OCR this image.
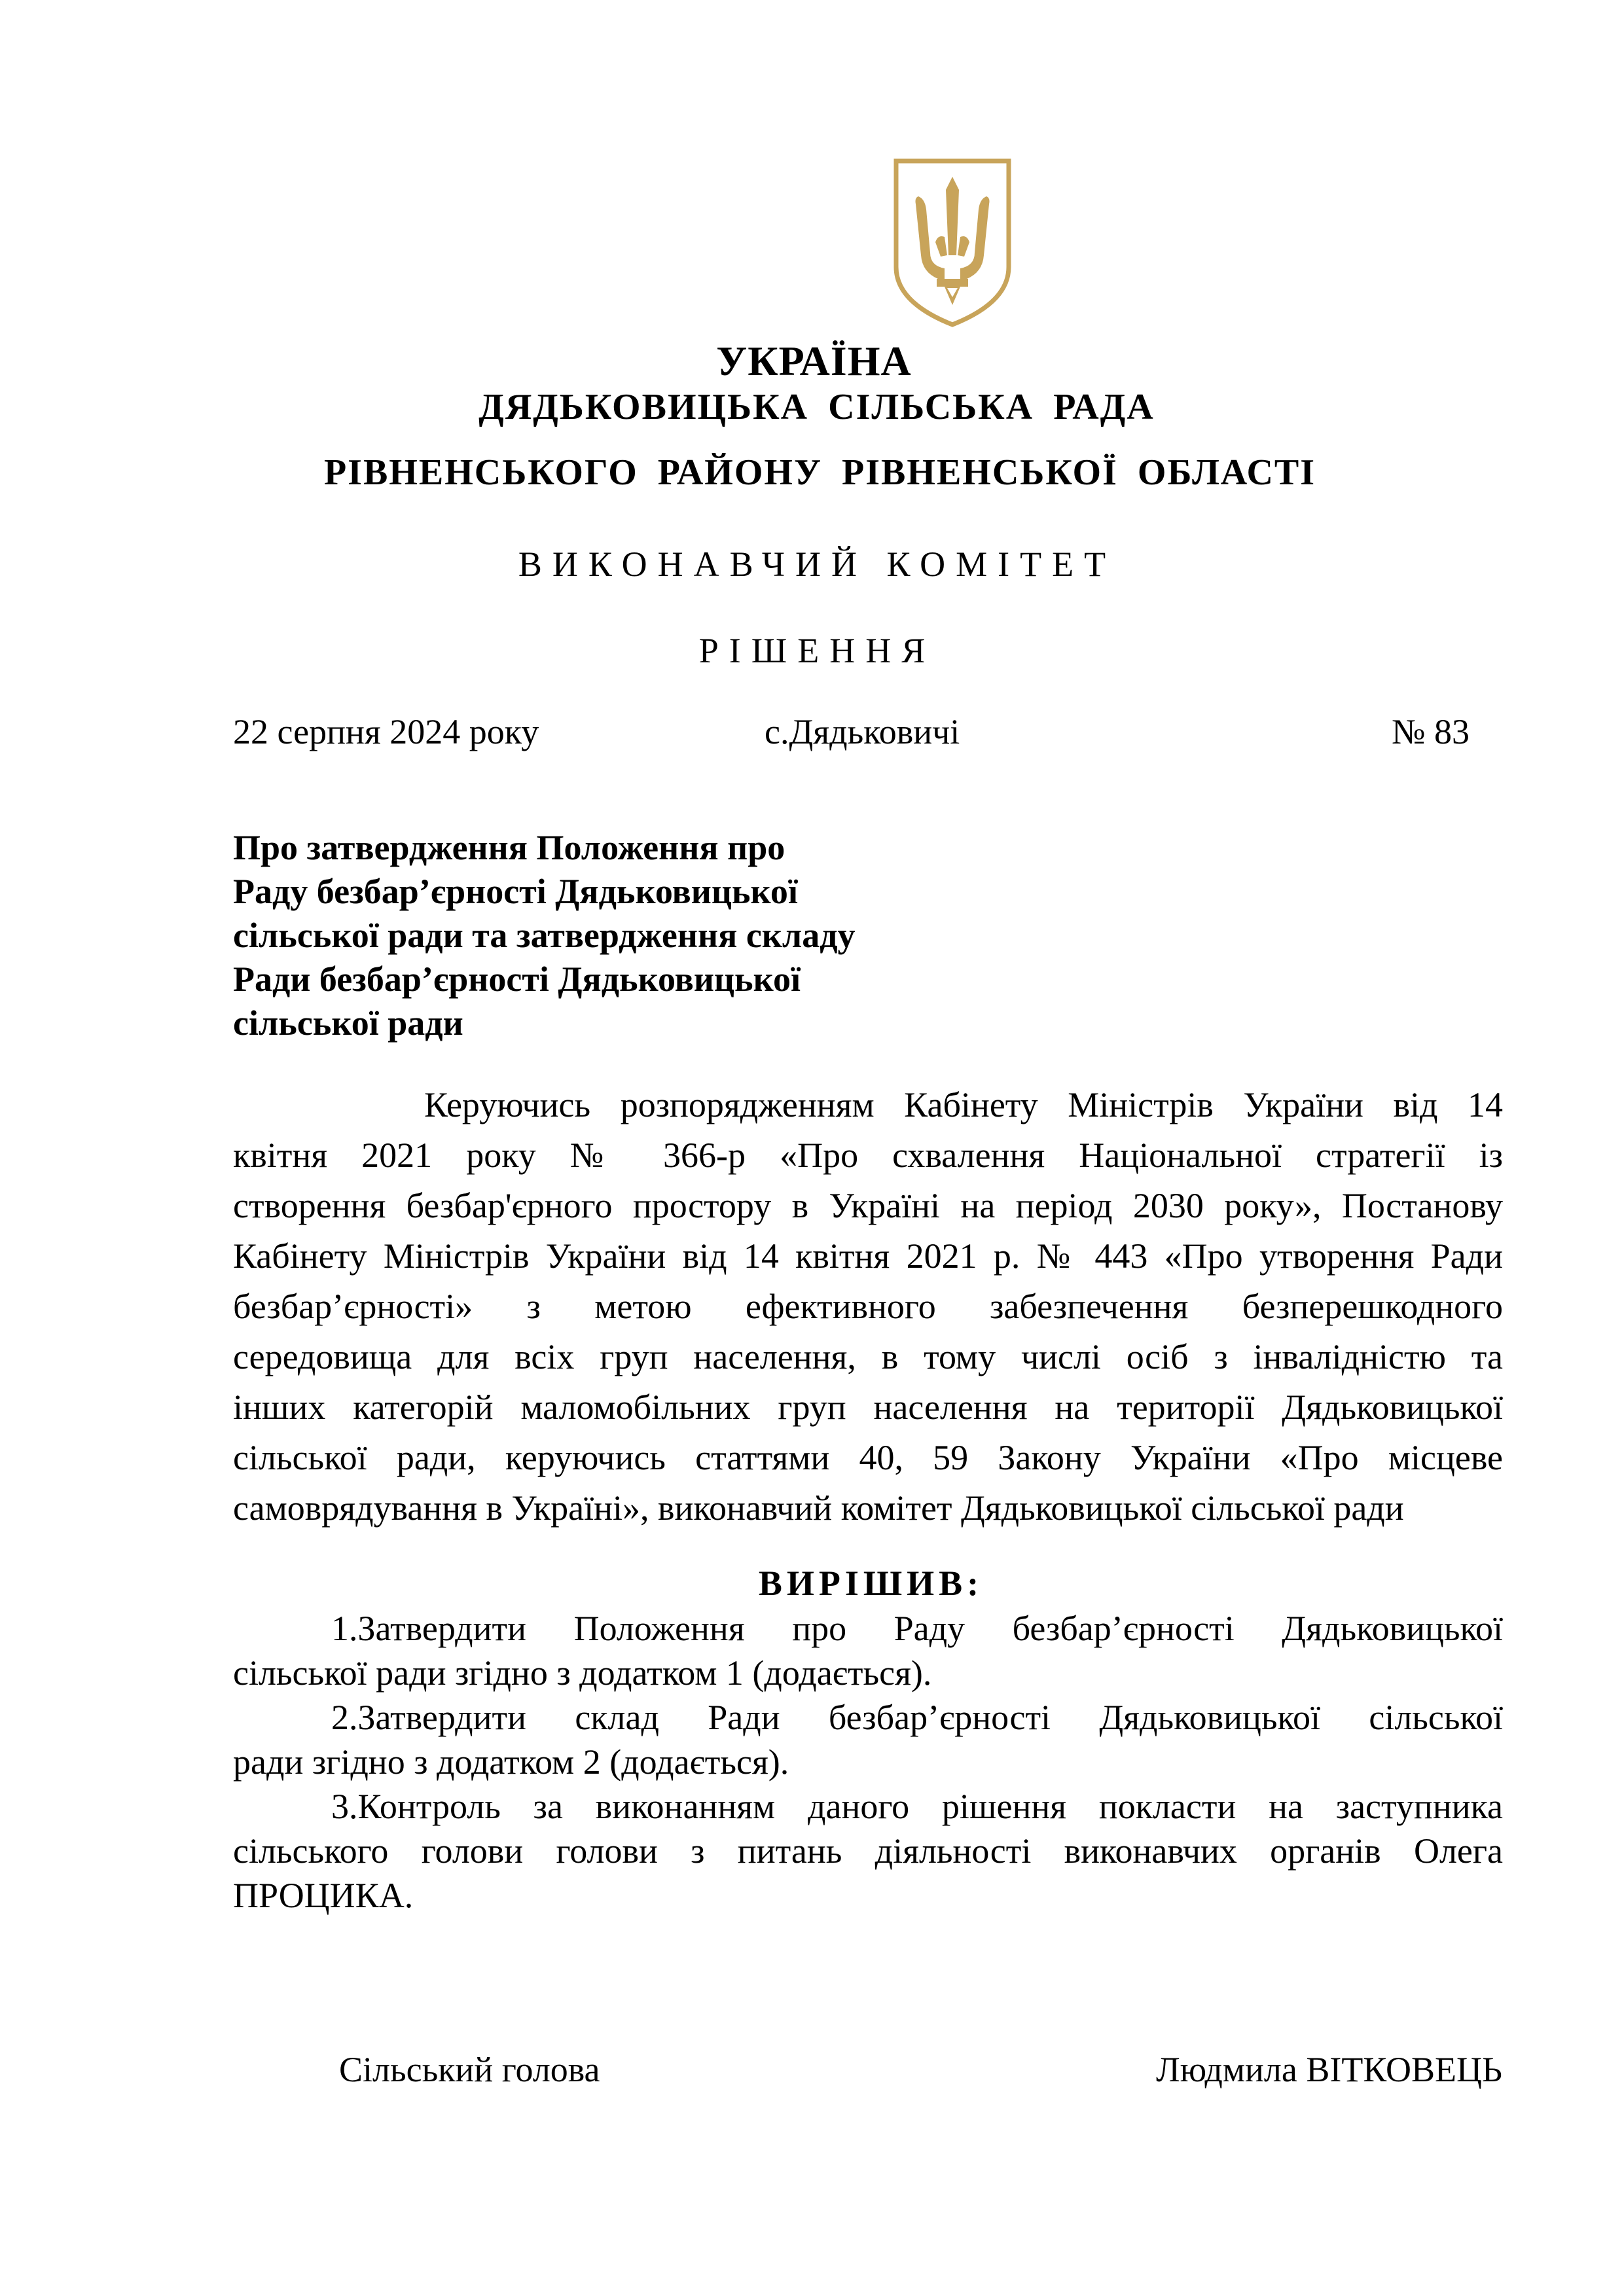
УКРАЇНА
ДЯДЬКОВИЦЬКА СІЛЬСЬКА РАДА
РІВНЕНСЬКОГО РАЙОНУ РІВНЕНСЬКОЇ ОБЛАСТІ
ВИКОНАВЧИЙ КОМІТЕТ
РІШЕННЯ
22 серпня 2024 року	с.Дядьковичі	№ 83
Про затвердження Положення про
Раду безбар’єрності Дядьковицької
сільської ради та затвердження складу
Ради безбар’єрності Дядьковицької
сільської ради
Керуючись розпорядженням Кабінету Міністрів України від 14
квітня 2021 року № 366-р «Про схвалення Національної стратегії із
створення безбар'єрного простору в Україні на період 2030 року», Постанову
Кабінету Міністрів України від 14 квітня 2021 р. № 443 «Про утворення Ради
безбар’єрності» з метою ефективного забезпечення безперешкодного
середовища для всіх груп населення, в тому числі осіб з інвалідністю та
інших категорій маломобільних груп населення на території Дядьковицької
сільської ради, керуючись статтями 40, 59 Закону України «Про місцеве
самоврядування в Україні», виконавчий комітет Дядьковицької сільської ради
ВИРІШИВ:
1.Затвердити Положення про Раду безбар’єрності Дядьковицької
сільської ради згідно з додатком 1 (додається).
2.Затвердити склад Ради безбар’єрності Дядьковицької сільської
ради згідно з додатком 2 (додається).
3.Контроль за виконанням даного рішення покласти на заступника
сільського голови голови з питань діяльності виконавчих органів Олега
ПРОЦИКА.
Сільський голова	Людмила ВІТКОВЕЦЬ
